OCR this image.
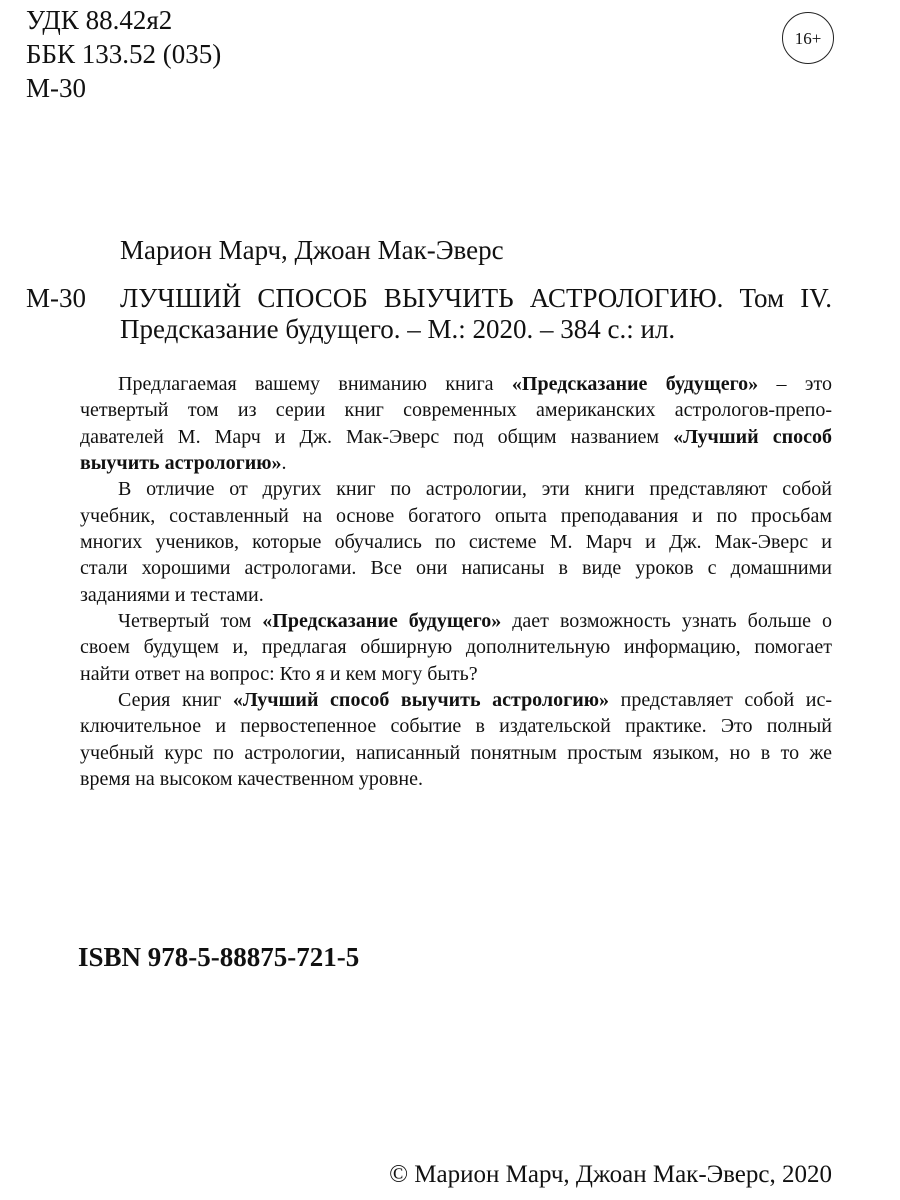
УДК 88.42я2
ББК 133.52 (035)
М-30
16+
Марион Марч, Джоан Мак-Эверс
М-30 ЛУЧШИЙ СПОСОБ ВЫУЧИТЬ АСТРОЛОГИЮ. Том IV.
Предсказание будущего. – М.: 2020. – 384 с.: ил.
Предлагаемая вашему вниманию книга «Предсказание будущего» – это
четвертый том из серии книг современных американских астрологов-препо-
давателей М. Марч и Дж. Мак-Эверс под общим названием «Лучший способ
выучить астрологию».
В отличие от других книг по астрологии, эти книги представляют собой
учебник, составленный на основе богатого опыта преподавания и по просьбам
многих учеников, которые обучались по системе М. Марч и Дж. Мак-Эверс и
стали хорошими астрологами. Все они написаны в виде уроков с домашними
заданиями и тестами.
Четвертый том «Предсказание будущего» дает возможность узнать больше о
своем будущем и, предлагая обширную дополнительную информацию, помогает
найти ответ на вопрос: Кто я и кем могу быть?
Серия книг «Лучший способ выучить астрологию» представляет собой ис-
ключительное и первостепенное событие в издательской практике. Это полный
учебный курс по астрологии, написанный понятным простым языком, но в то же
время на высоком качественном уровне.
ISBN 978-5-88875-721-5
© Марион Марч, Джоан Мак-Эверс, 2020
